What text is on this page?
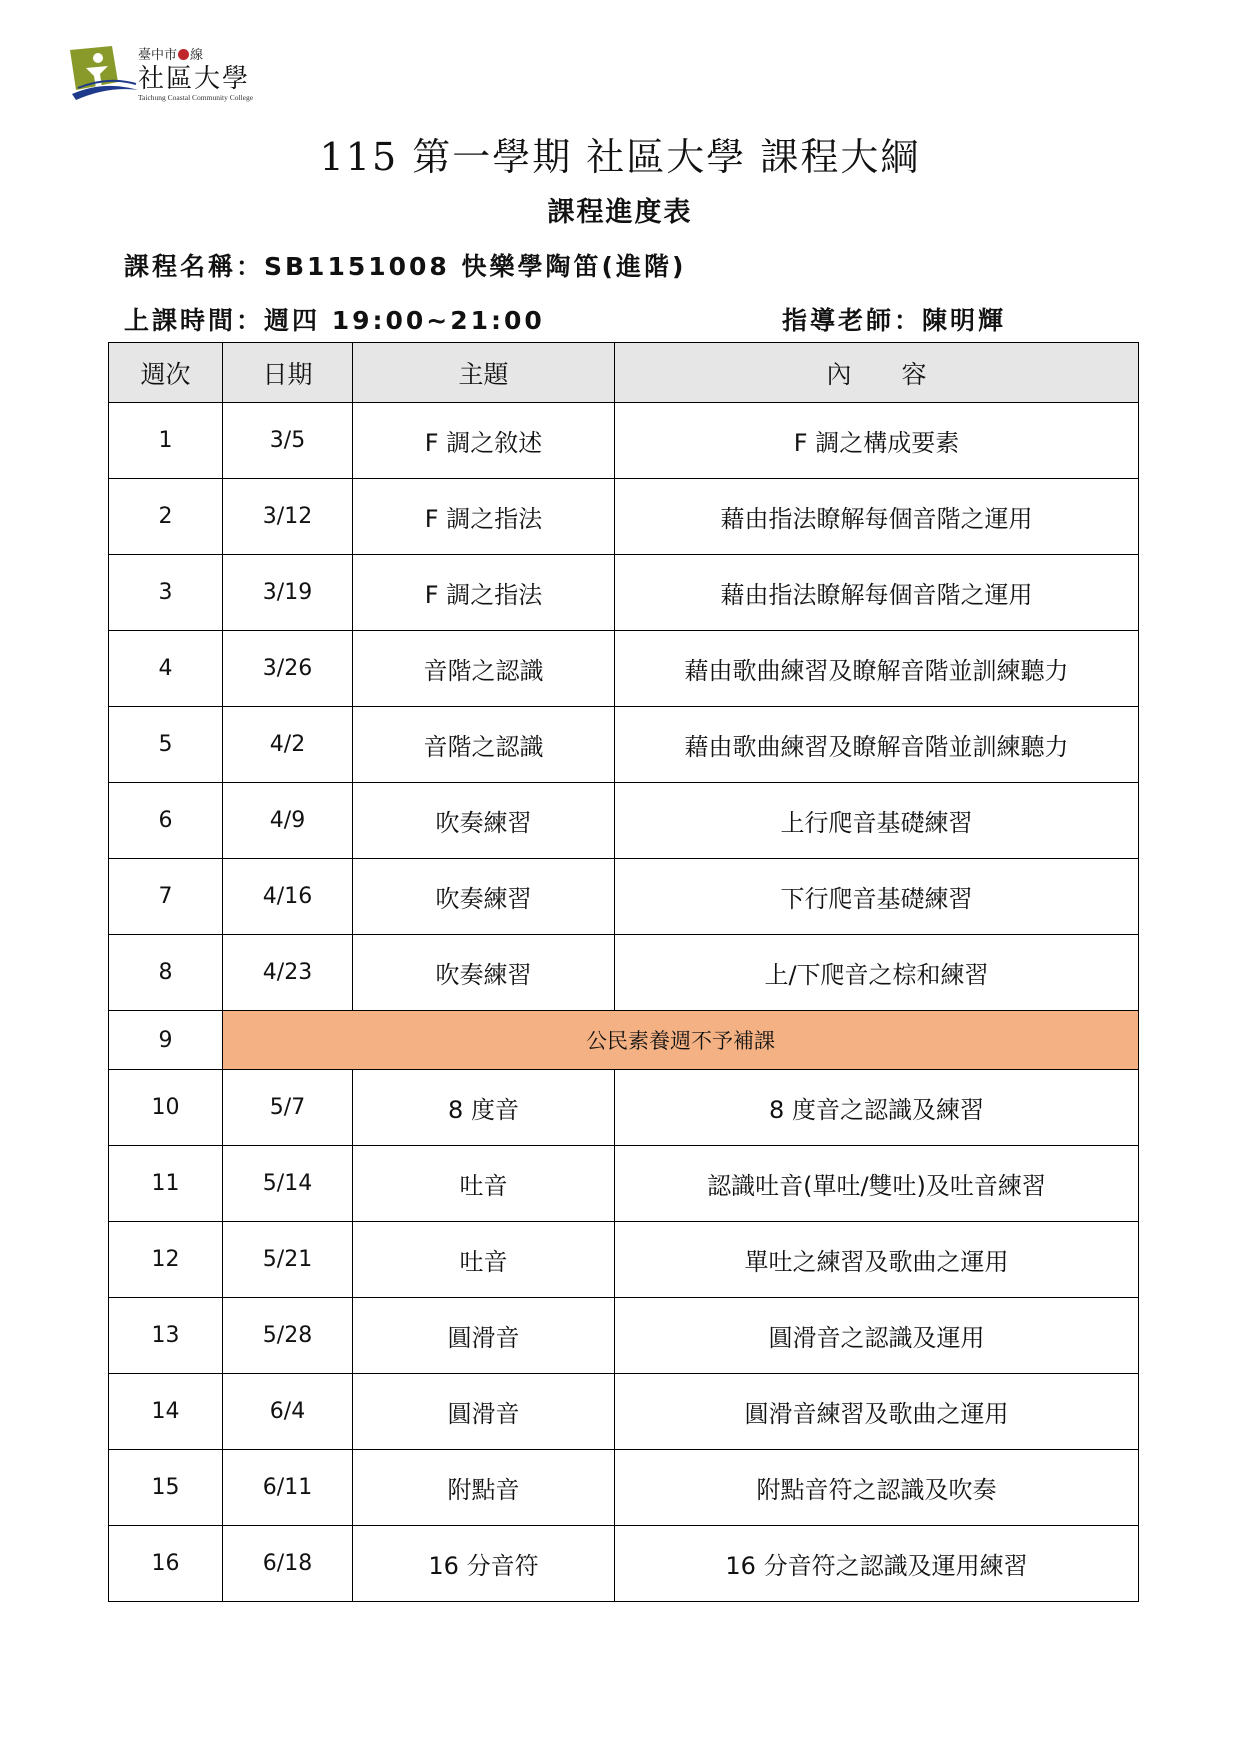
臺中市 線
社區大學
Taichung Coastal Community College
115 第一學期 社區大學 課程大綱
課程進度表
課程名稱：SB1151008 快樂學陶笛(進階)
上課時間：週四 19:00~21:00	指導老師：陳明輝
週次	日期	主題	內　　容
1	3/5	F 調之敘述	F 調之構成要素
2	3/12	F 調之指法	藉由指法瞭解每個音階之運用
3	3/19	F 調之指法	藉由指法瞭解每個音階之運用
4	3/26	音階之認識	藉由歌曲練習及瞭解音階並訓練聽力
5	4/2	音階之認識	藉由歌曲練習及瞭解音階並訓練聽力
6	4/9	吹奏練習	上行爬音基礎練習
7	4/16	吹奏練習	下行爬音基礎練習
8	4/23	吹奏練習	上/下爬音之棕和練習
9	公民素養週不予補課		
10	5/7	8 度音	8 度音之認識及練習
11	5/14	吐音	認識吐音(單吐/雙吐)及吐音練習
12	5/21	吐音	單吐之練習及歌曲之運用
13	5/28	圓滑音	圓滑音之認識及運用
14	6/4	圓滑音	圓滑音練習及歌曲之運用
15	6/11	附點音	附點音符之認識及吹奏
16	6/18	16 分音符	16 分音符之認識及運用練習
